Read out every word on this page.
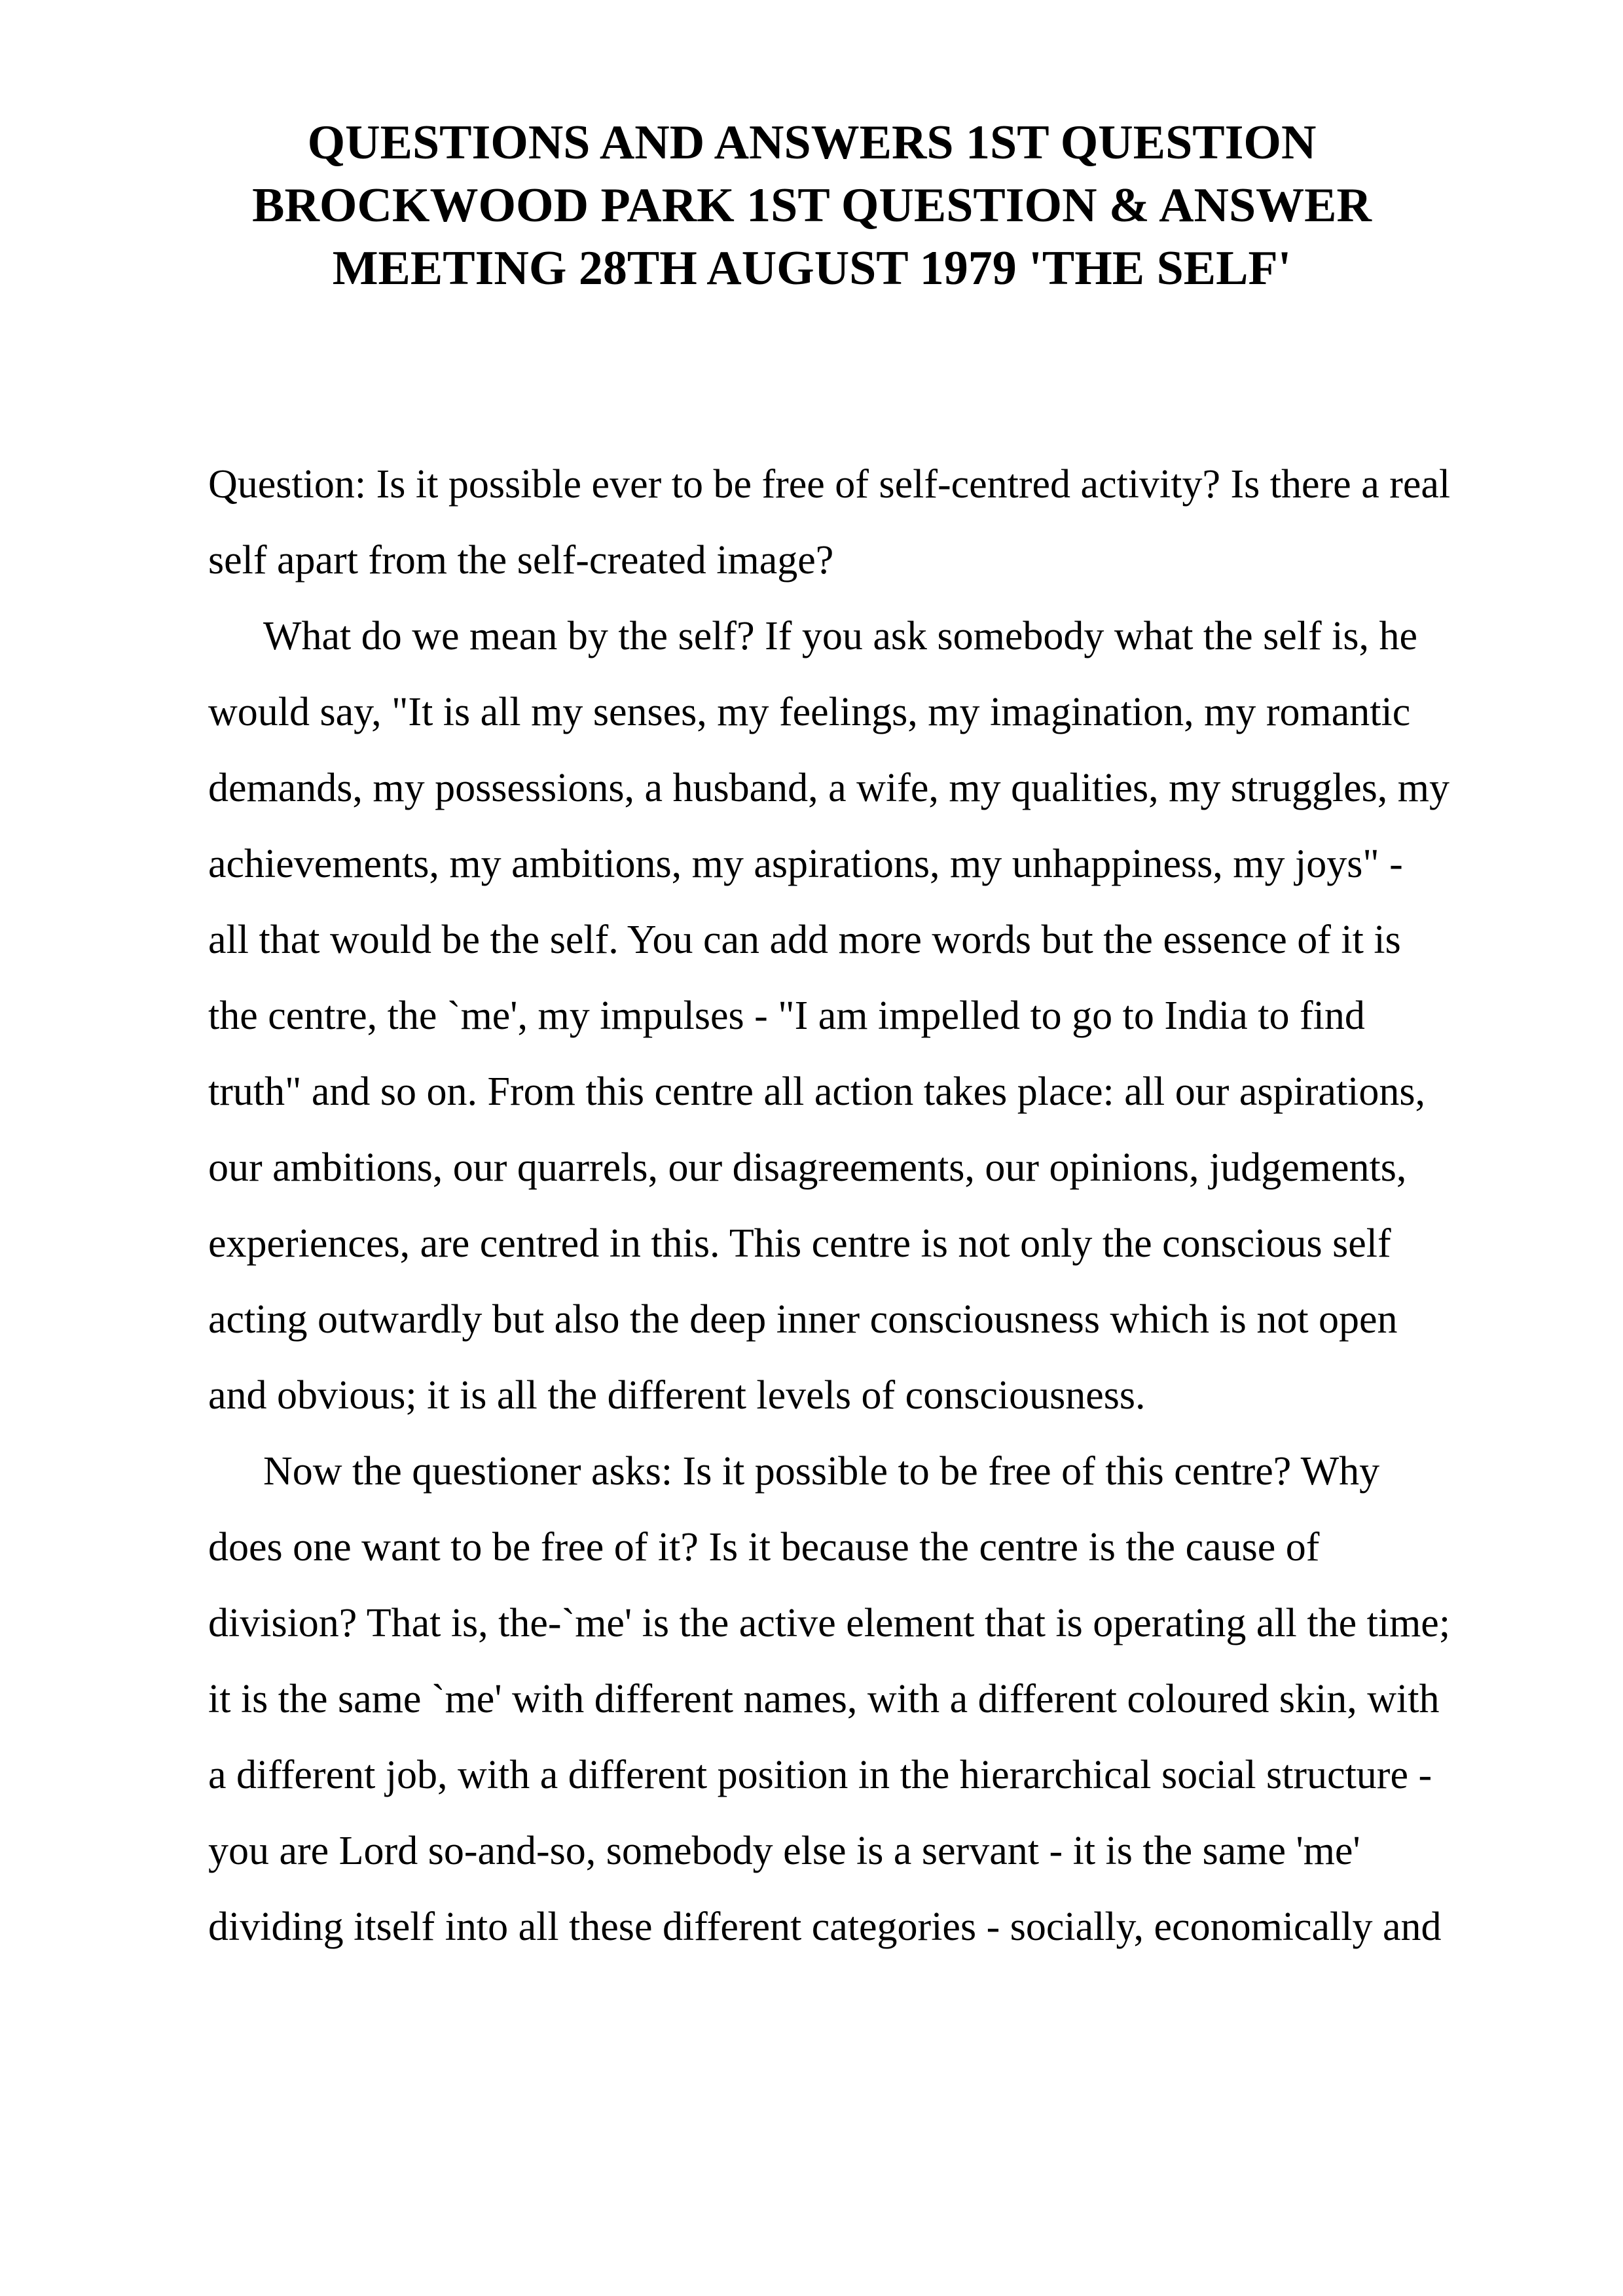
QUESTIONS AND ANSWERS 1ST QUESTION BROCKWOOD PARK 1ST QUESTION & ANSWER MEETING 28TH AUGUST 1979 'THE SELF'

Question: Is it possible ever to be free of self-centred activity? Is there a real self apart from the self-created image?

What do we mean by the self? If you ask somebody what the self is, he would say, "It is all my senses, my feelings, my imagination, my romantic demands, my possessions, a husband, a wife, my qualities, my struggles, my achievements, my ambitions, my aspirations, my unhappiness, my joys" - all that would be the self. You can add more words but the essence of it is the centre, the `me', my impulses - "I am impelled to go to India to find truth" and so on. From this centre all action takes place: all our aspirations, our ambitions, our quarrels, our disagreements, our opinions, judgements, experiences, are centred in this. This centre is not only the conscious self acting outwardly but also the deep inner consciousness which is not open and obvious; it is all the different levels of consciousness.

Now the questioner asks: Is it possible to be free of this centre? Why does one want to be free of it? Is it because the centre is the cause of division? That is, the-`me' is the active element that is operating all the time; it is the same `me' with different names, with a different coloured skin, with a different job, with a different position in the hierarchical social structure - you are Lord so-and-so, somebody else is a servant - it is the same 'me' dividing itself into all these different categories - socially, economically and
